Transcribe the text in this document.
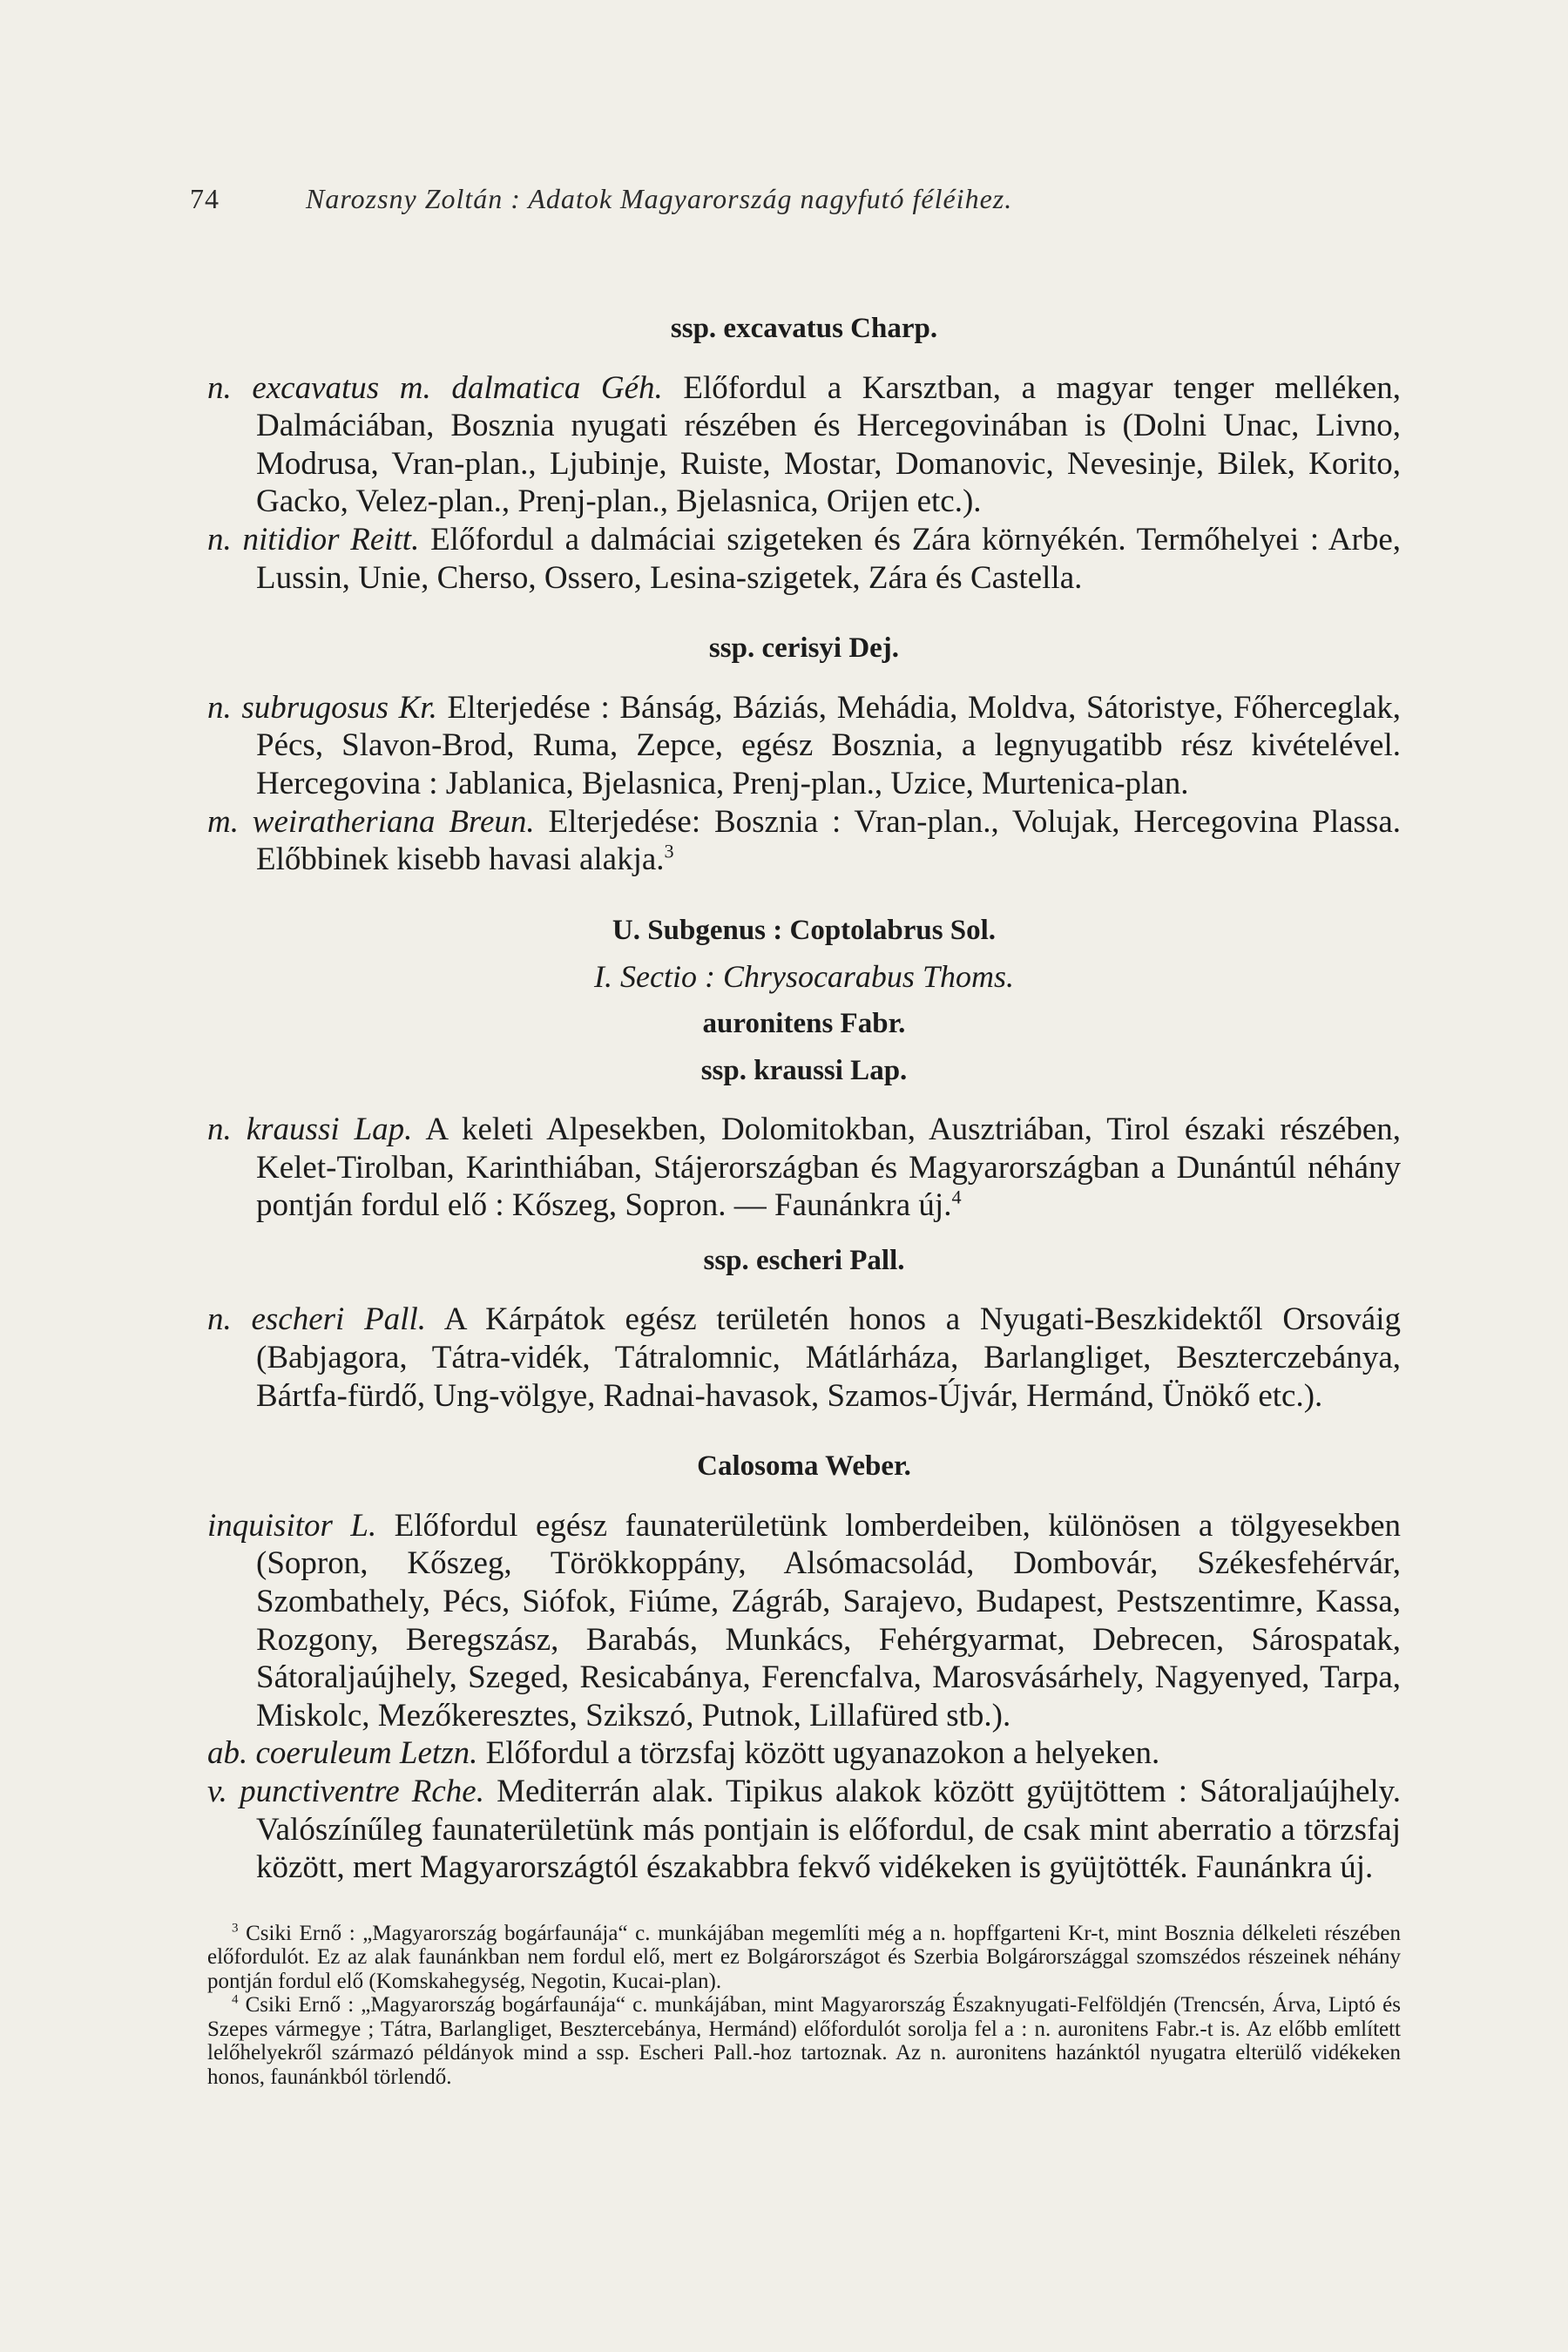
74	Narozsny Zoltán : Adatok Magyarország nagyfutó féléihez.
ssp. excavatus Charp.

n. excavatus m. dalmatica Géh. Előfordul a Karsztban, a magyar tenger melléken, Dalmáciában, Bosznia nyugati részében és Hercegovinában is (Dolni Unac, Livno, Modrusa, Vran-plan., Ljubinje, Ruiste, Mostar, Domanovic, Nevesinje, Bilek, Korito, Gacko, Velez-plan., Prenj-plan., Bjelasnica, Orijen etc.).

n. nitidior Reitt. Előfordul a dalmáciai szigeteken és Zára környékén. Termőhelyei : Arbe, Lussin, Unie, Cherso, Ossero, Lesina-szigetek, Zára és Castella.

ssp. cerisyi Dej.

n. subrugosus Kr. Elterjedése : Bánság, Báziás, Mehádia, Moldva, Sátoristye, Főherceglak, Pécs, Slavon-Brod, Ruma, Zepce, egész Bosznia, a legnyugatibb rész kivételével. Hercegovina : Jablanica, Bjelasnica, Prenj-plan., Uzice, Murtenica-plan.

m. weiratheriana Breun. Elterjedése: Bosznia : Vran-plan., Volujak, Hercegovina Plassa. Előbbinek kisebb havasi alakja.$^3$

U. Subgenus : Coptolabrus Sol.
I. Sectio : Chrysocarabus Thoms.
auronitens Fabr.
ssp. kraussi Lap.

n. kraussi Lap. A keleti Alpesekben, Dolomitokban, Ausztriában, Tirol északi részében, Kelet-Tirolban, Karinthiában, Stájerországban és Magyarországban a Dunántúl néhány pontján fordul elő : Kőszeg, Sopron. — Faunánkra új.$^4$

ssp. escheri Pall.

n. escheri Pall. A Kárpátok egész területén honos a Nyugati-Beszkidektől Orsováig (Babjagora, Tátra-vidék, Tátralomnic, Mátlárháza, Barlangliget, Beszterczebánya, Bártfa-fürdő, Ung-völgye, Radnai-havasok, Szamos-Újvár, Hermánd, Ünökő etc.).

Calosoma Weber.

inquisitor L. Előfordul egész faunaterületünk lomberdeiben, különösen a tölgyesekben (Sopron, Kőszeg, Törökkoppány, Alsómacsolád, Dombovár, Székesfehérvár, Szombathely, Pécs, Siófok, Fiúme, Zágráb, Sarajevo, Budapest, Pestszentimre, Kassa, Rozgony, Beregszász, Barabás, Munkács, Fehérgyarmat, Debrecen, Sárospatak, Sátoraljaújhely, Szeged, Resicabánya, Ferencfalva, Marosvásárhely, Nagyenyed, Tarpa, Miskolc, Mezőkeresztes, Szikszó, Putnok, Lillafüred stb.).

ab. coeruleum Letzn. Előfordul a törzsfaj között ugyanazokon a helyeken.

v. punctiventre Rche. Mediterrán alak. Tipikus alakok között gyüjtöttem : Sátoraljaújhely. Valószínűleg faunaterületünk más pontjain is előfordul, de csak mint aberratio a törzsfaj között, mert Magyarországtól északabbra fekvő vidékeken is gyüjtötték. Faunánkra új.

$^3$ Csiki Ernő : „Magyarország bogárfaunája“ c. munkájában megemlíti még a n. hopffgarteni Kr-t, mint Bosznia délkeleti részében előfordulót. Ez az alak faunánkban nem fordul elő, mert ez Bolgárországot és Szerbia Bolgárországgal szomszédos részeinek néhány pontján fordul elő (Komskahegység, Negotin, Kucai-plan).

$^4$ Csiki Ernő : „Magyarország bogárfaunája“ c. munkájában, mint Magyarország Északnyugati-Felföldjén (Trencsén, Árva, Liptó és Szepes vármegye ; Tátra, Barlangliget, Besztercebánya, Hermánd) előfordulót sorolja fel a : n. auronitens Fabr.-t is. Az előbb említett lelőhelyekről származó példányok mind a ssp. Escheri Pall.-hoz tartoznak. Az n. auronitens hazánktól nyugatra elterülő vidékeken honos, faunánkból törlendő.
